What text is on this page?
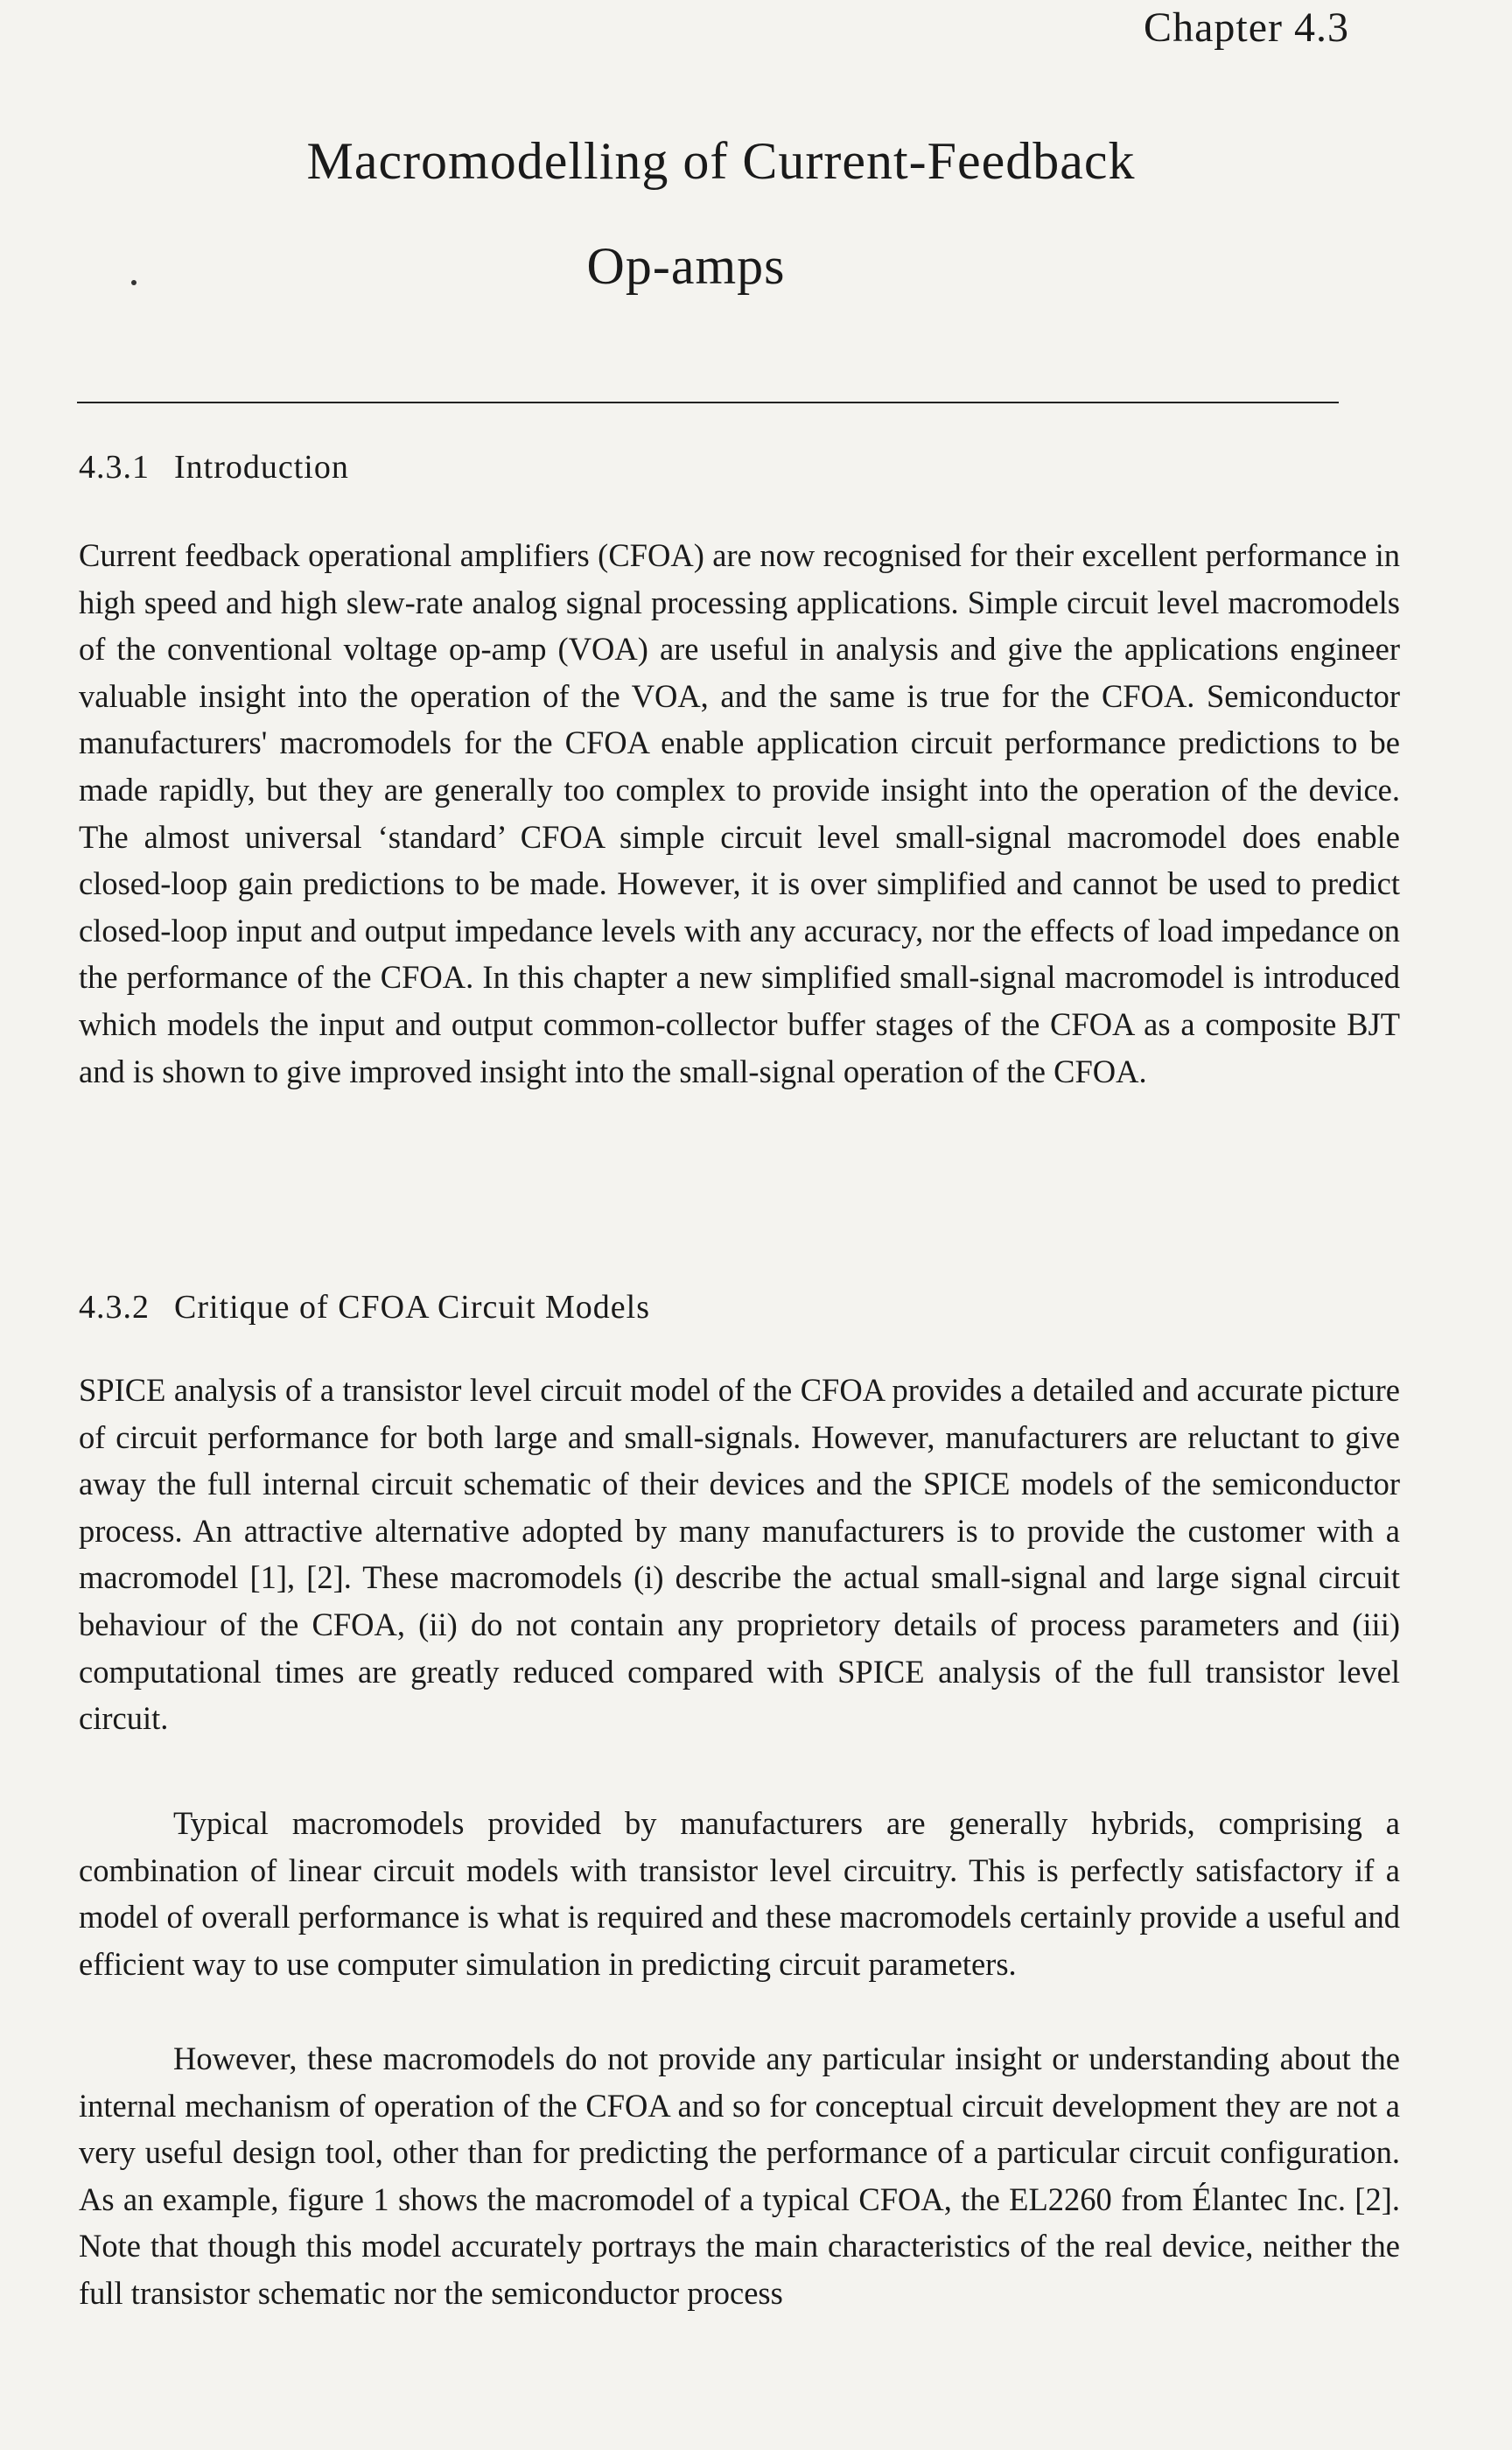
Chapter 4.3
Macromodelling of Current-Feedback
Op-amps
4.3.1 Introduction

Current feedback operational amplifiers (CFOA) are now recognised for their excellent performance in high speed and high slew-rate analog signal processing applications. Simple circuit level macromodels of the conventional voltage op-amp (VOA) are useful in analysis and give the applications engineer valuable insight into the operation of the VOA, and the same is true for the CFOA. Semiconductor manufacturers' macromodels for the CFOA enable application circuit performance predictions to be made rapidly, but they are generally too complex to provide insight into the operation of the device. The almost universal ‘standard’ CFOA simple circuit level small-signal macromodel does enable closed-loop gain predictions to be made. However, it is over simplified and cannot be used to predict closed-loop input and output impedance levels with any accuracy, nor the effects of load impedance on the performance of the CFOA. In this chapter a new simplified small-signal macromodel is introduced which models the input and output common-collector buffer stages of the CFOA as a composite BJT and is shown to give improved insight into the small-signal operation of the CFOA.

4.3.2 Critique of CFOA Circuit Models

SPICE analysis of a transistor level circuit model of the CFOA provides a detailed and accurate picture of circuit performance for both large and small-signals. However, manufacturers are reluctant to give away the full internal circuit schematic of their devices and the SPICE models of the semiconductor process. An attractive alternative adopted by many manufacturers is to provide the customer with a macromodel [1], [2]. These macromodels (i) describe the actual small-signal and large signal circuit behaviour of the CFOA, (ii) do not contain any proprietory details of process parameters and (iii) computational times are greatly reduced compared with SPICE analysis of the full transistor level circuit.

Typical macromodels provided by manufacturers are generally hybrids, comprising a combination of linear circuit models with transistor level circuitry. This is perfectly satisfactory if a model of overall performance is what is required and these macromodels certainly provide a useful and efficient way to use computer simulation in predicting circuit parameters.

However, these macromodels do not provide any particular insight or understanding about the internal mechanism of operation of the CFOA and so for conceptual circuit development they are not a very useful design tool, other than for predicting the performance of a particular circuit configuration. As an example, figure 1 shows the macromodel of a typical CFOA, the EL2260 from Élantec Inc. [2]. Note that though this model accurately portrays the main characteristics of the real device, neither the full transistor schematic nor the semiconductor process
